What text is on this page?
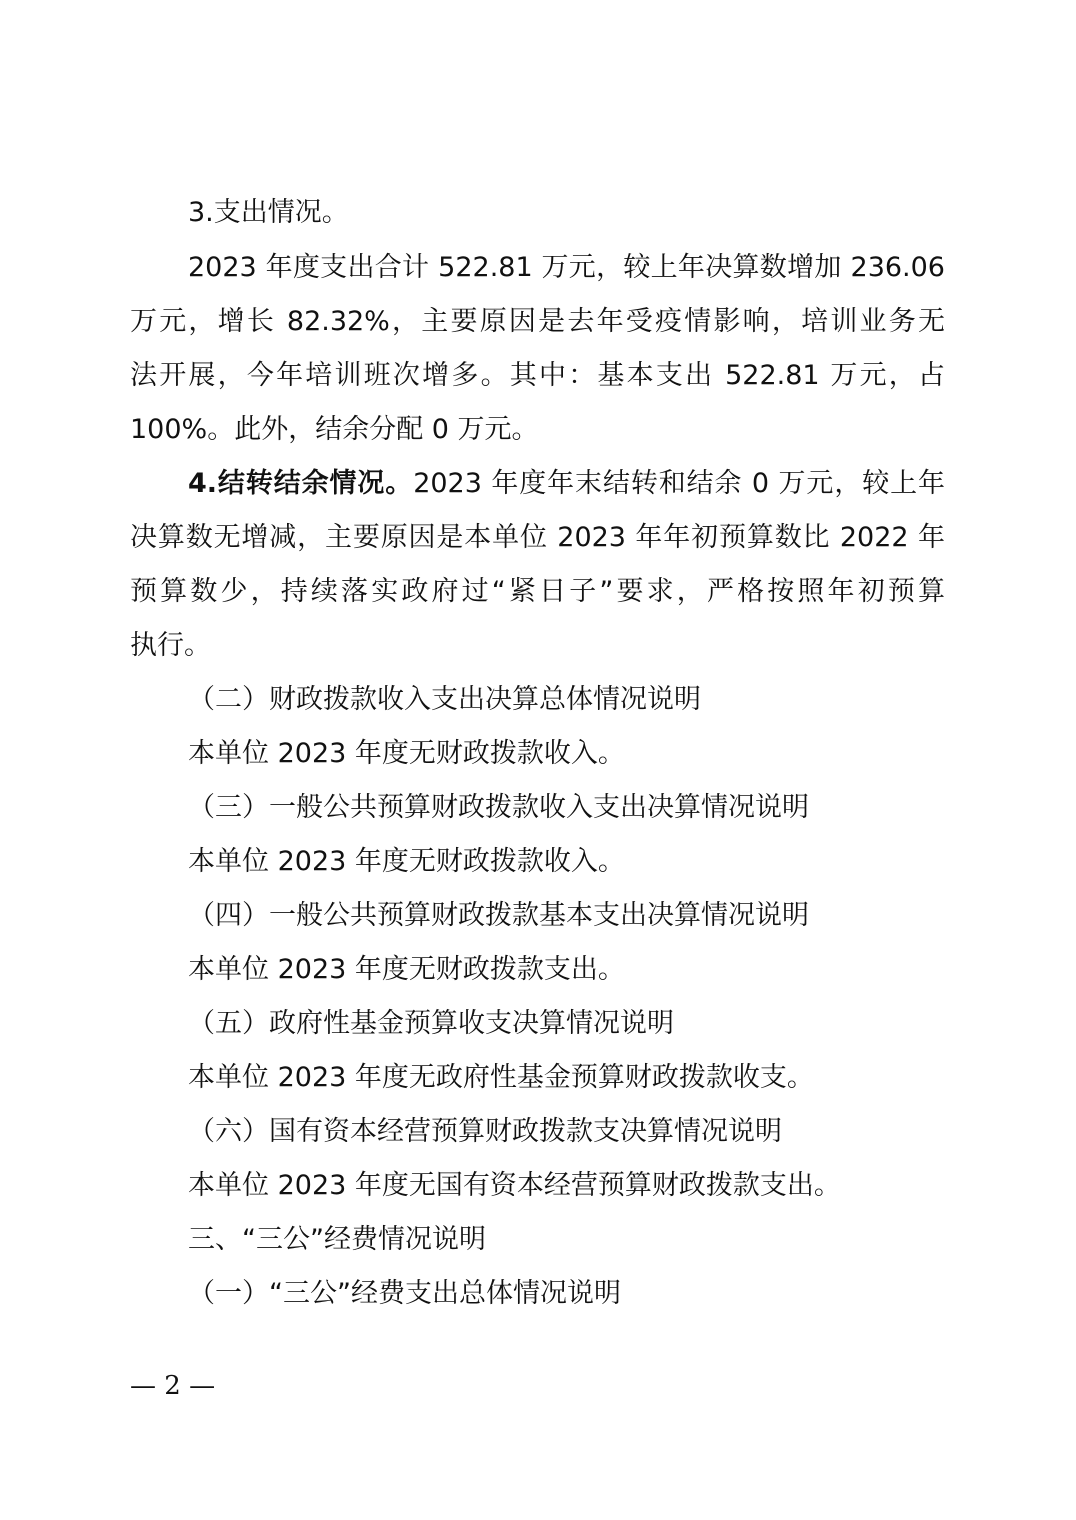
3.支出情况。
2023 年度支出合计 522.81 万元，较上年决算数增加 236.06
万元，增长 82.32%，主要原因是去年受疫情影响，培训业务无
法开展，今年培训班次增多。其中：基本支出 522.81 万元，占
100%。此外，结余分配 0 万元。
4.结转结余情况。2023 年度年末结转和结余 0 万元，较上年
决算数无增减，主要原因是本单位 2023 年年初预算数比 2022 年
预算数少，持续落实政府过“紧日子”要求，严格按照年初预算
执行。
（二）财政拨款收入支出决算总体情况说明
本单位 2023 年度无财政拨款收入。
（三）一般公共预算财政拨款收入支出决算情况说明
本单位 2023 年度无财政拨款收入。
（四）一般公共预算财政拨款基本支出决算情况说明
本单位 2023 年度无财政拨款支出。
（五）政府性基金预算收支决算情况说明
本单位 2023 年度无政府性基金预算财政拨款收支。
（六）国有资本经营预算财政拨款支决算情况说明
本单位 2023 年度无国有资本经营预算财政拨款支出。
三、“三公”经费情况说明
（一）“三公”经费支出总体情况说明
— 2 —
